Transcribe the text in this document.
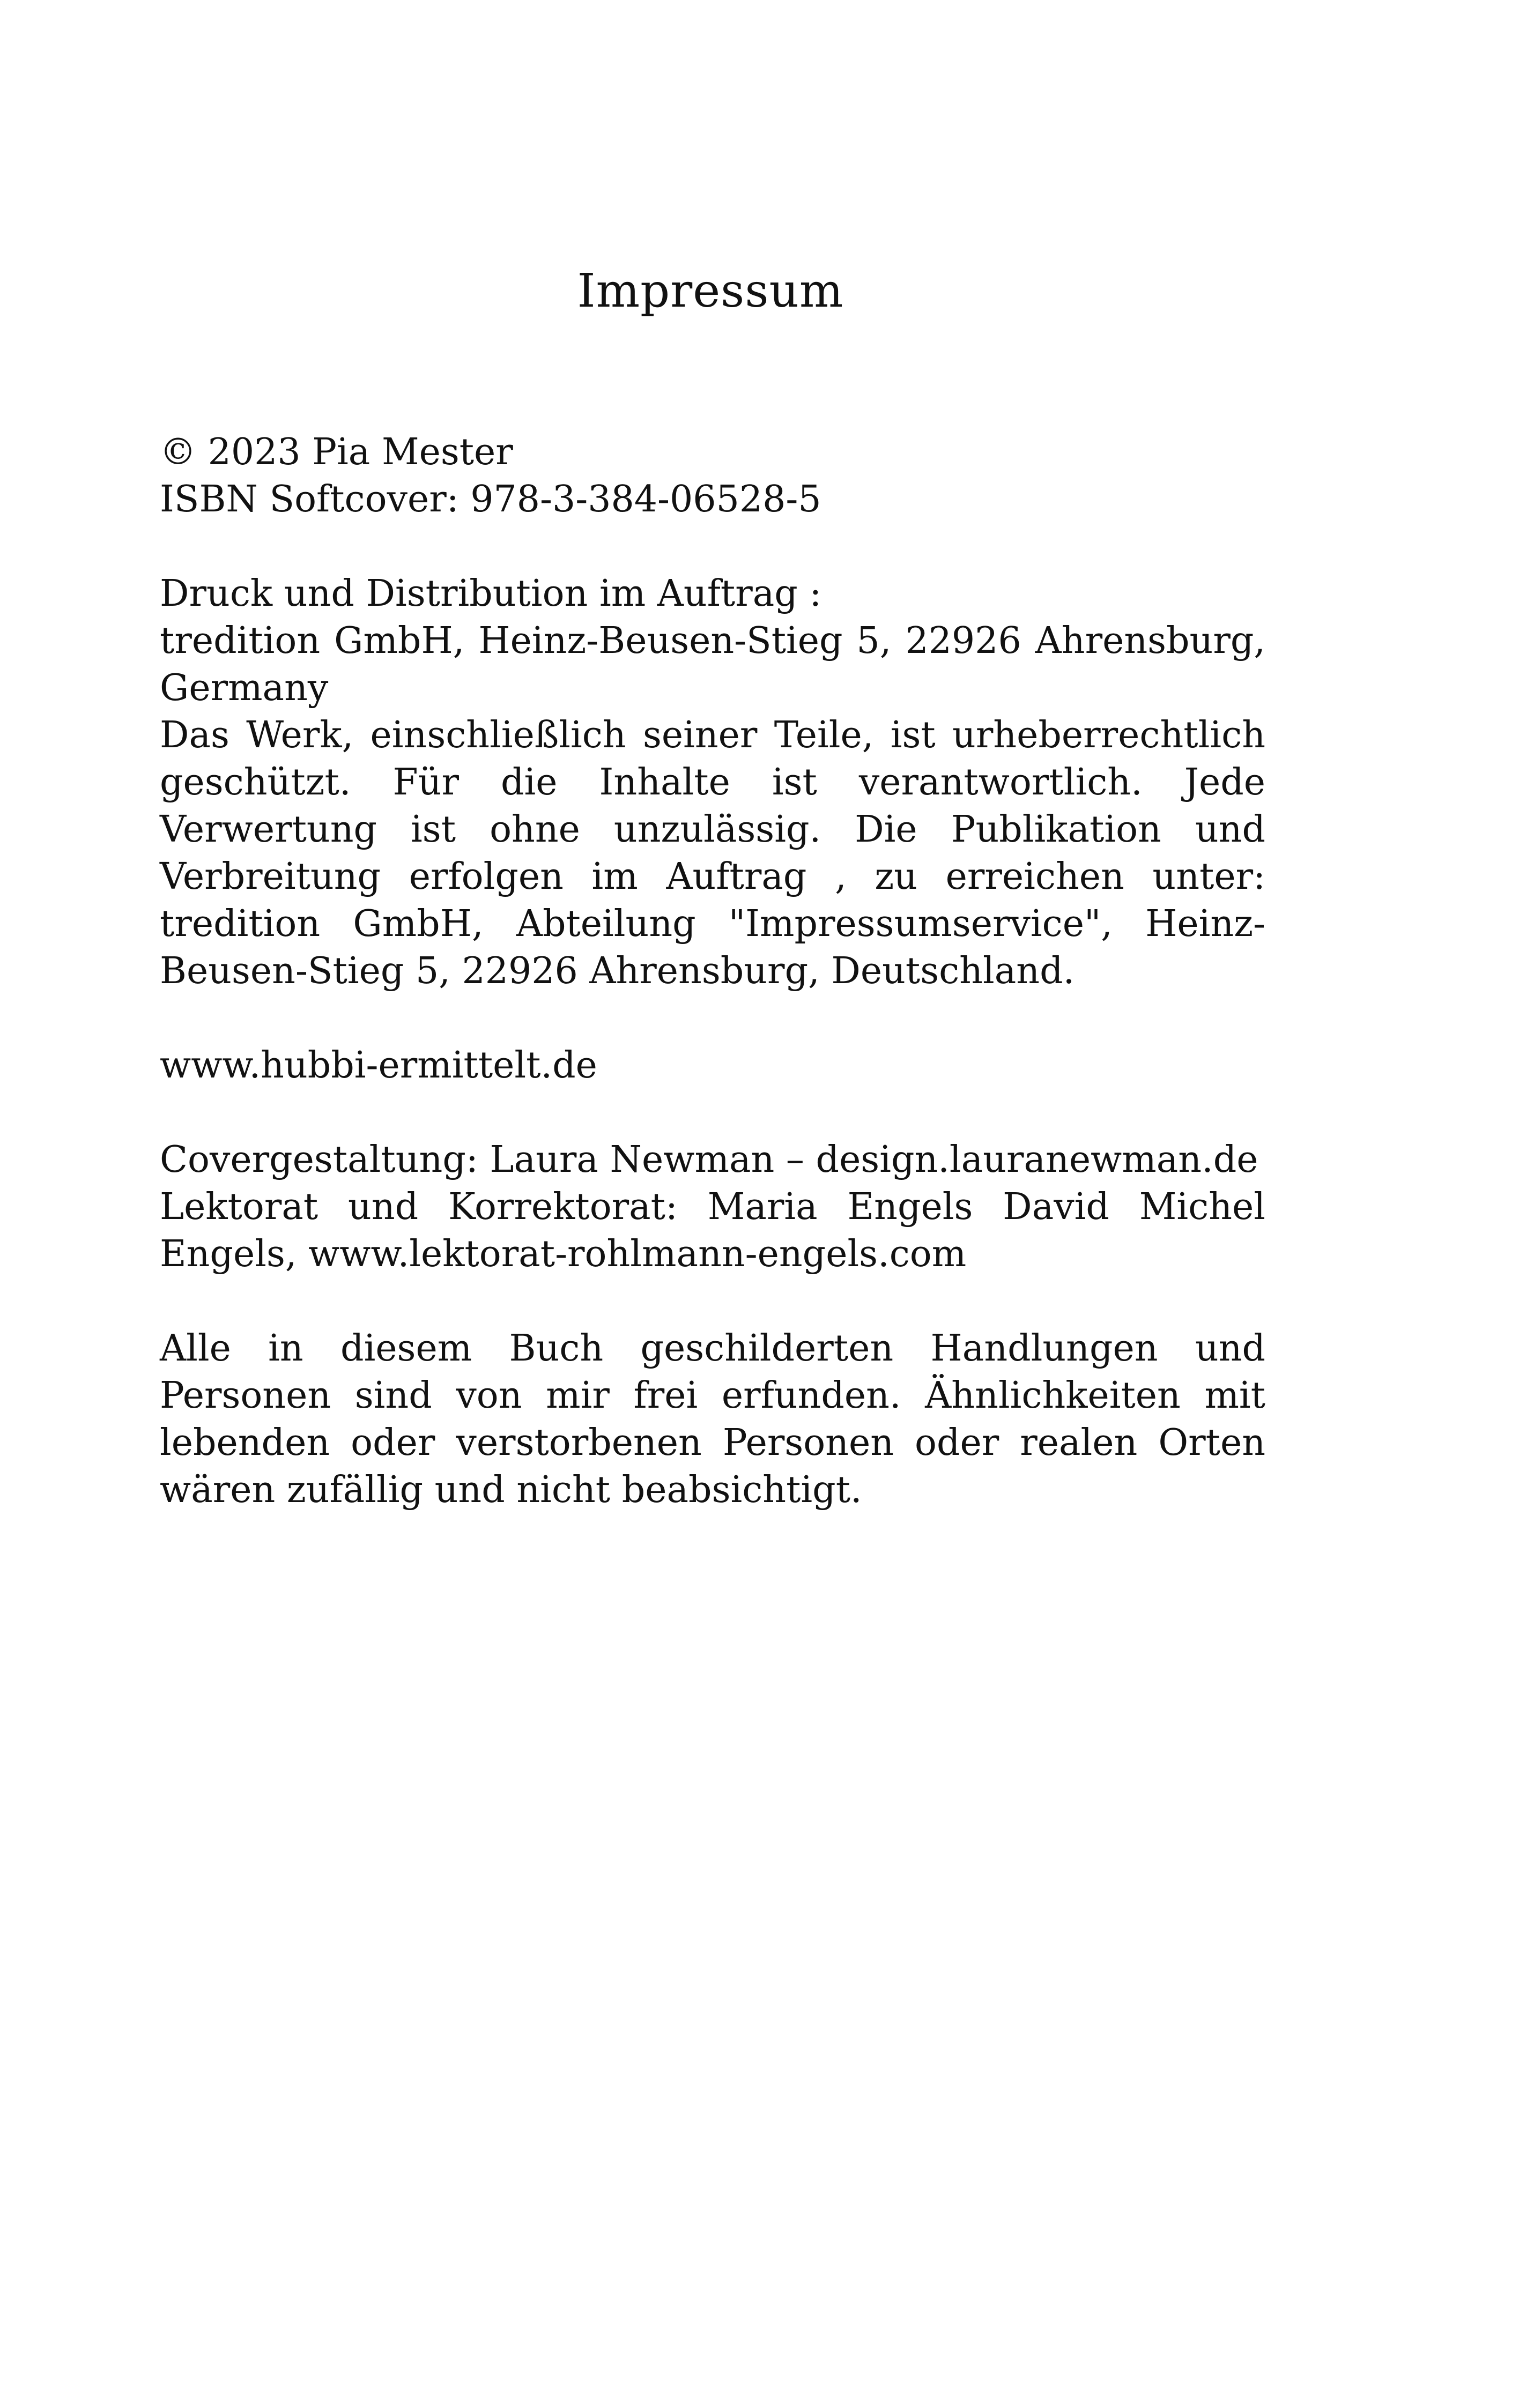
Impressum

© 2023 Pia Mester

ISBN Softcover: 978-3-384-06528-5

Druck und Distribution im Auftrag :

tredition GmbH, Heinz-Beusen-Stieg 5, 22926 Ahrensburg, Germany

Das Werk, einschließlich seiner Teile, ist urheberrechtlich geschützt. Für die Inhalte ist verantwortlich. Jede Verwertung ist ohne unzulässig. Die Publikation und Verbreitung erfolgen im Auftrag , zu erreichen unter: tredition GmbH, Abteilung "Impressumservice", Heinz-Beusen-Stieg 5, 22926 Ahrensburg, Deutschland.

www.hubbi-ermittelt.de

Covergestaltung: Laura Newman – design.lauranewman.de

Lektorat und Korrektorat: Maria Engels David Michel Engels, www.lektorat-rohlmann-engels.com

Alle in diesem Buch geschilderten Handlungen und Personen sind von mir frei erfunden. Ähnlichkeiten mit lebenden oder verstorbenen Personen oder realen Orten wären zufällig und nicht beabsichtigt.
